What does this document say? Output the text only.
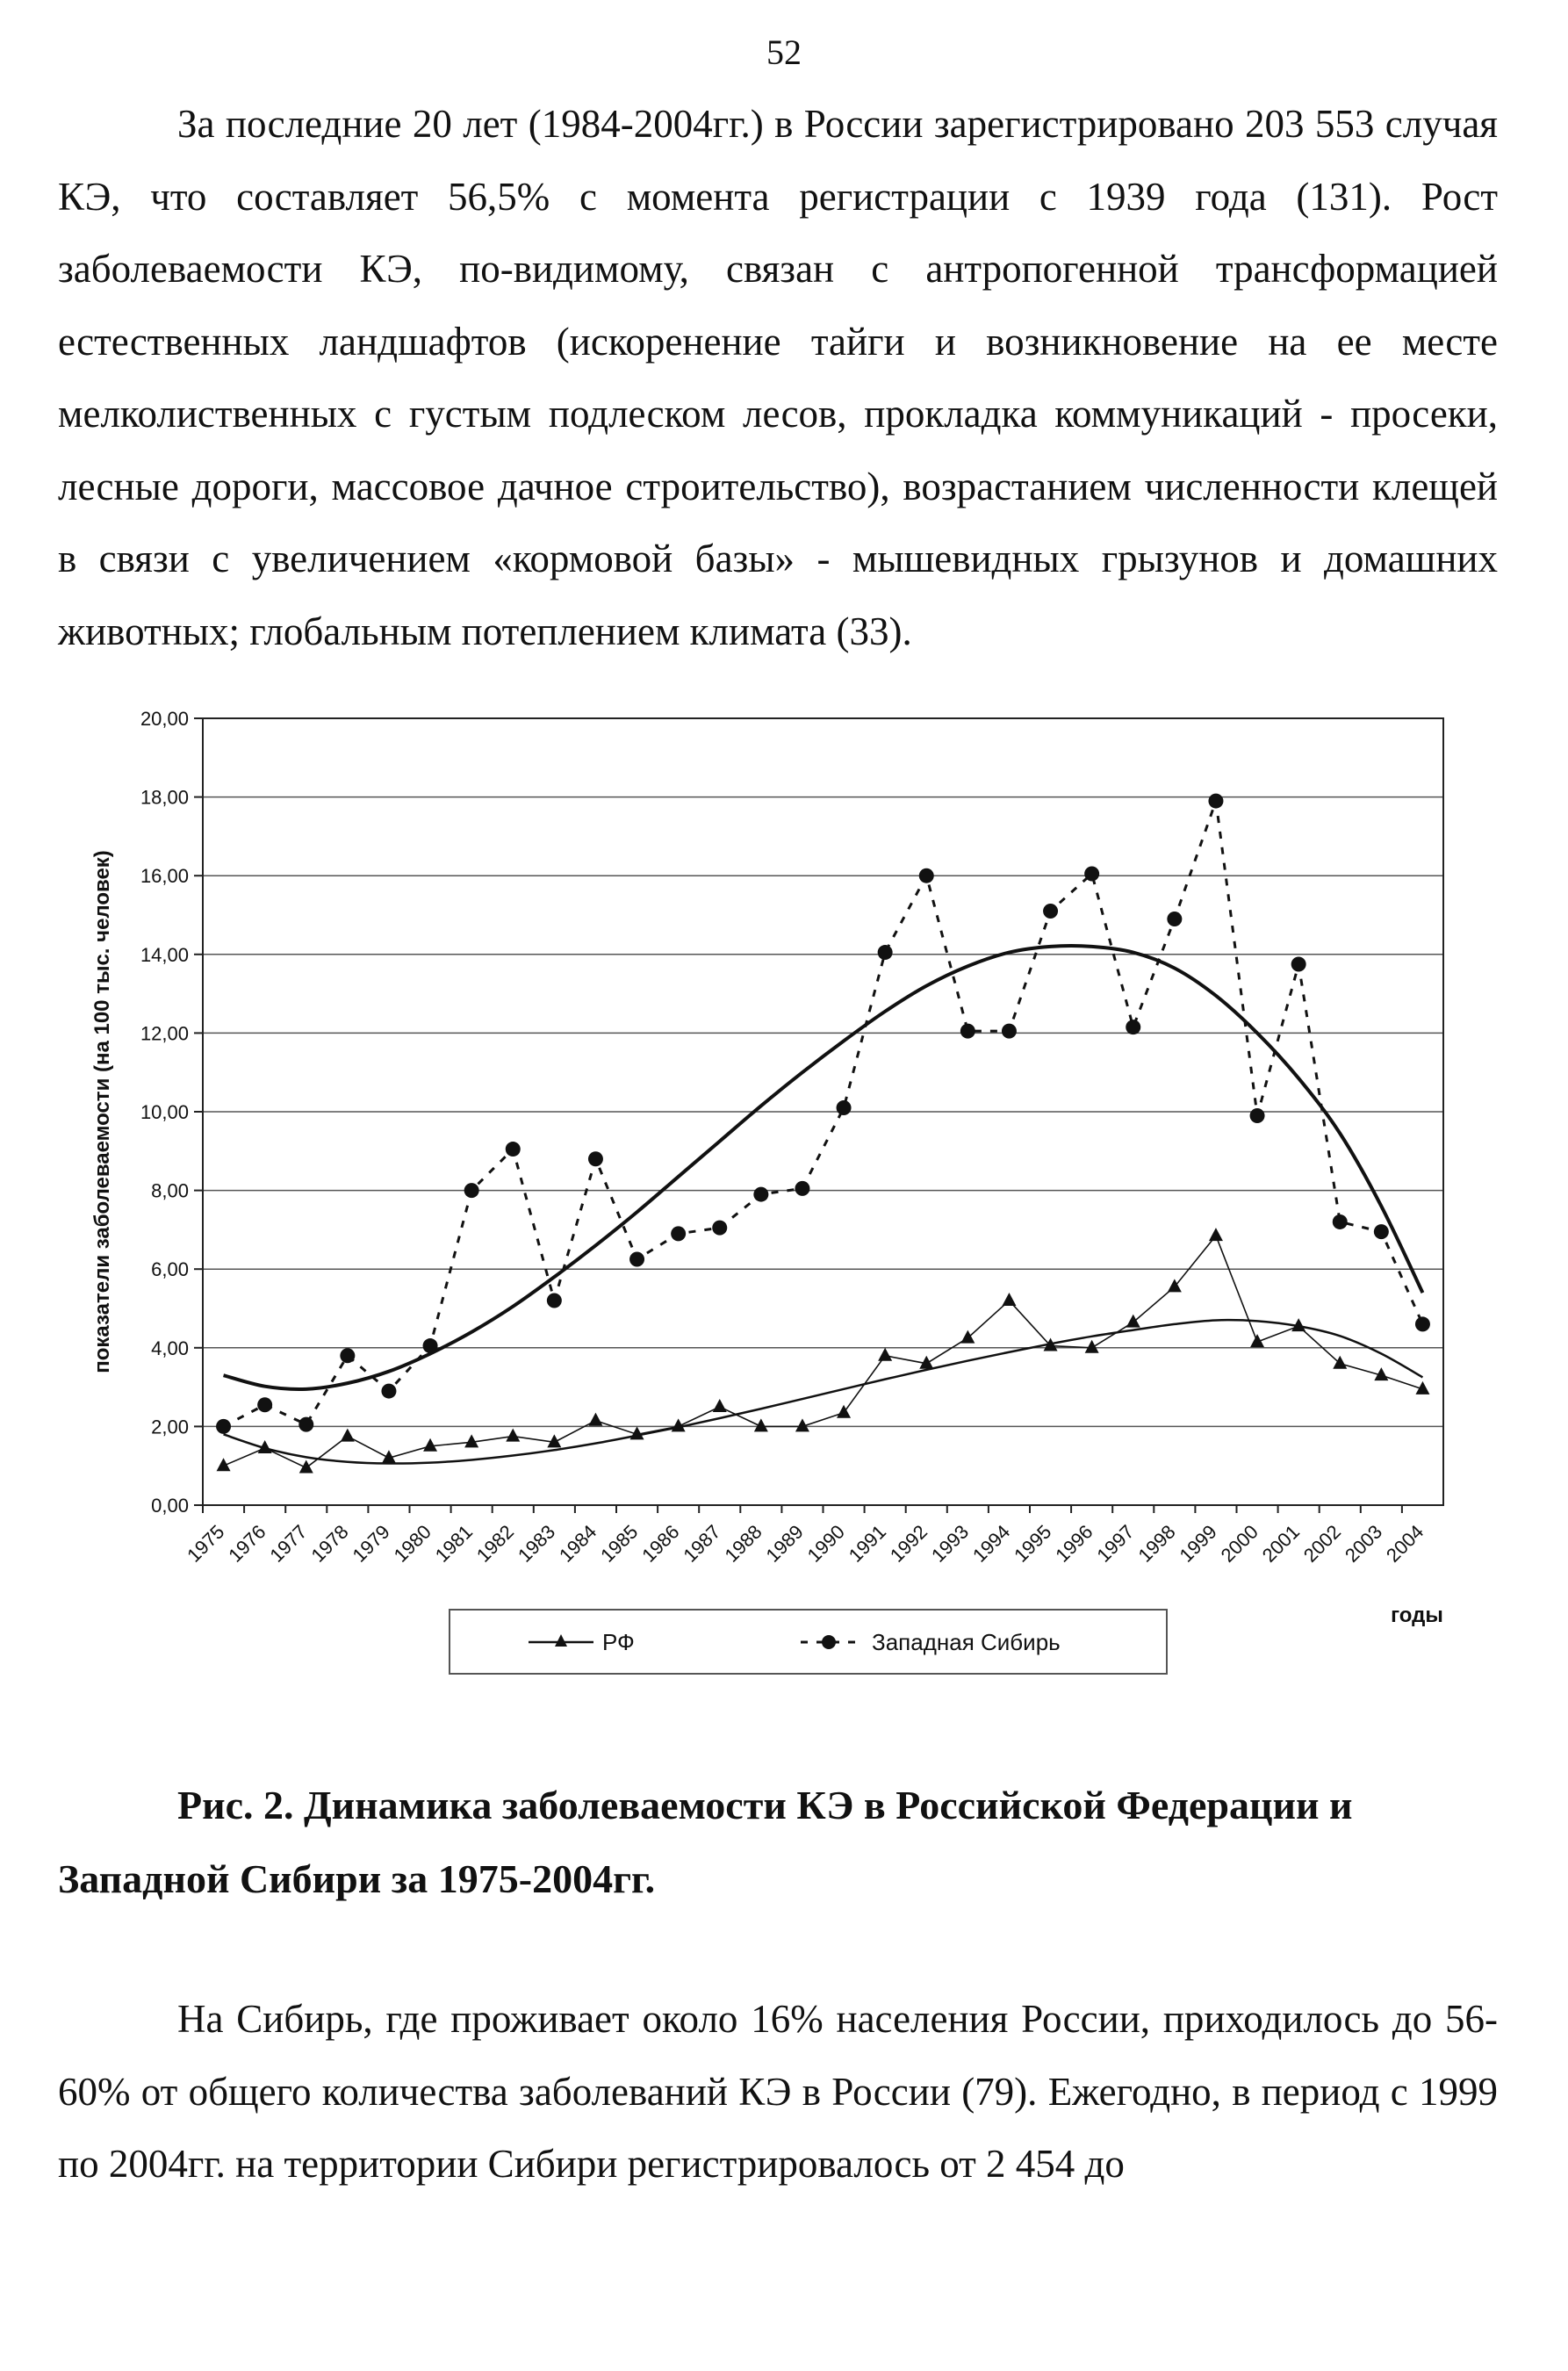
52

За последние 20 лет (1984-2004гг.) в России зарегистрировано 203 553 случая КЭ, что составляет 56,5% с момента регистрации с 1939 года (131). Рост заболеваемости КЭ, по-видимому, связан с антропогенной трансформацией естественных ландшафтов (искоренение тайги и возникновение на ее месте мелколиственных с густым подлеском лесов, прокладка коммуникаций - просеки, лесные дороги, массовое дачное строительство), возрастанием численности клещей в связи с увеличением «кормовой базы» - мышевидных грызунов и домашних животных; глобальным потеплением климата (33).

0,00
2,00
4,00
6,00
8,00
10,00
12,00
14,00
16,00
18,00
20,00
1975
1976
1977
1978
1979
1980
1981
1982
1983
1984
1985
1986
1987
1988
1989
1990
1991
1992
1993
1994
1995
1996
1997
1998
1999
2000
2001
2002
2003
2004
показатели заболеваемости (на 100 тыс. человек)
годы
РФ	Западная Сибирь

Рис. 2. Динамика заболеваемости КЭ в Российской Федерации и Западной Сибири за 1975-2004гг.

На Сибирь, где проживает около 16% населения России, приходилось до 56-60% от общего количества заболеваний КЭ в России (79). Ежегодно, в период с 1999 по 2004гг. на территории Сибири регистрировалось от 2 454 до
